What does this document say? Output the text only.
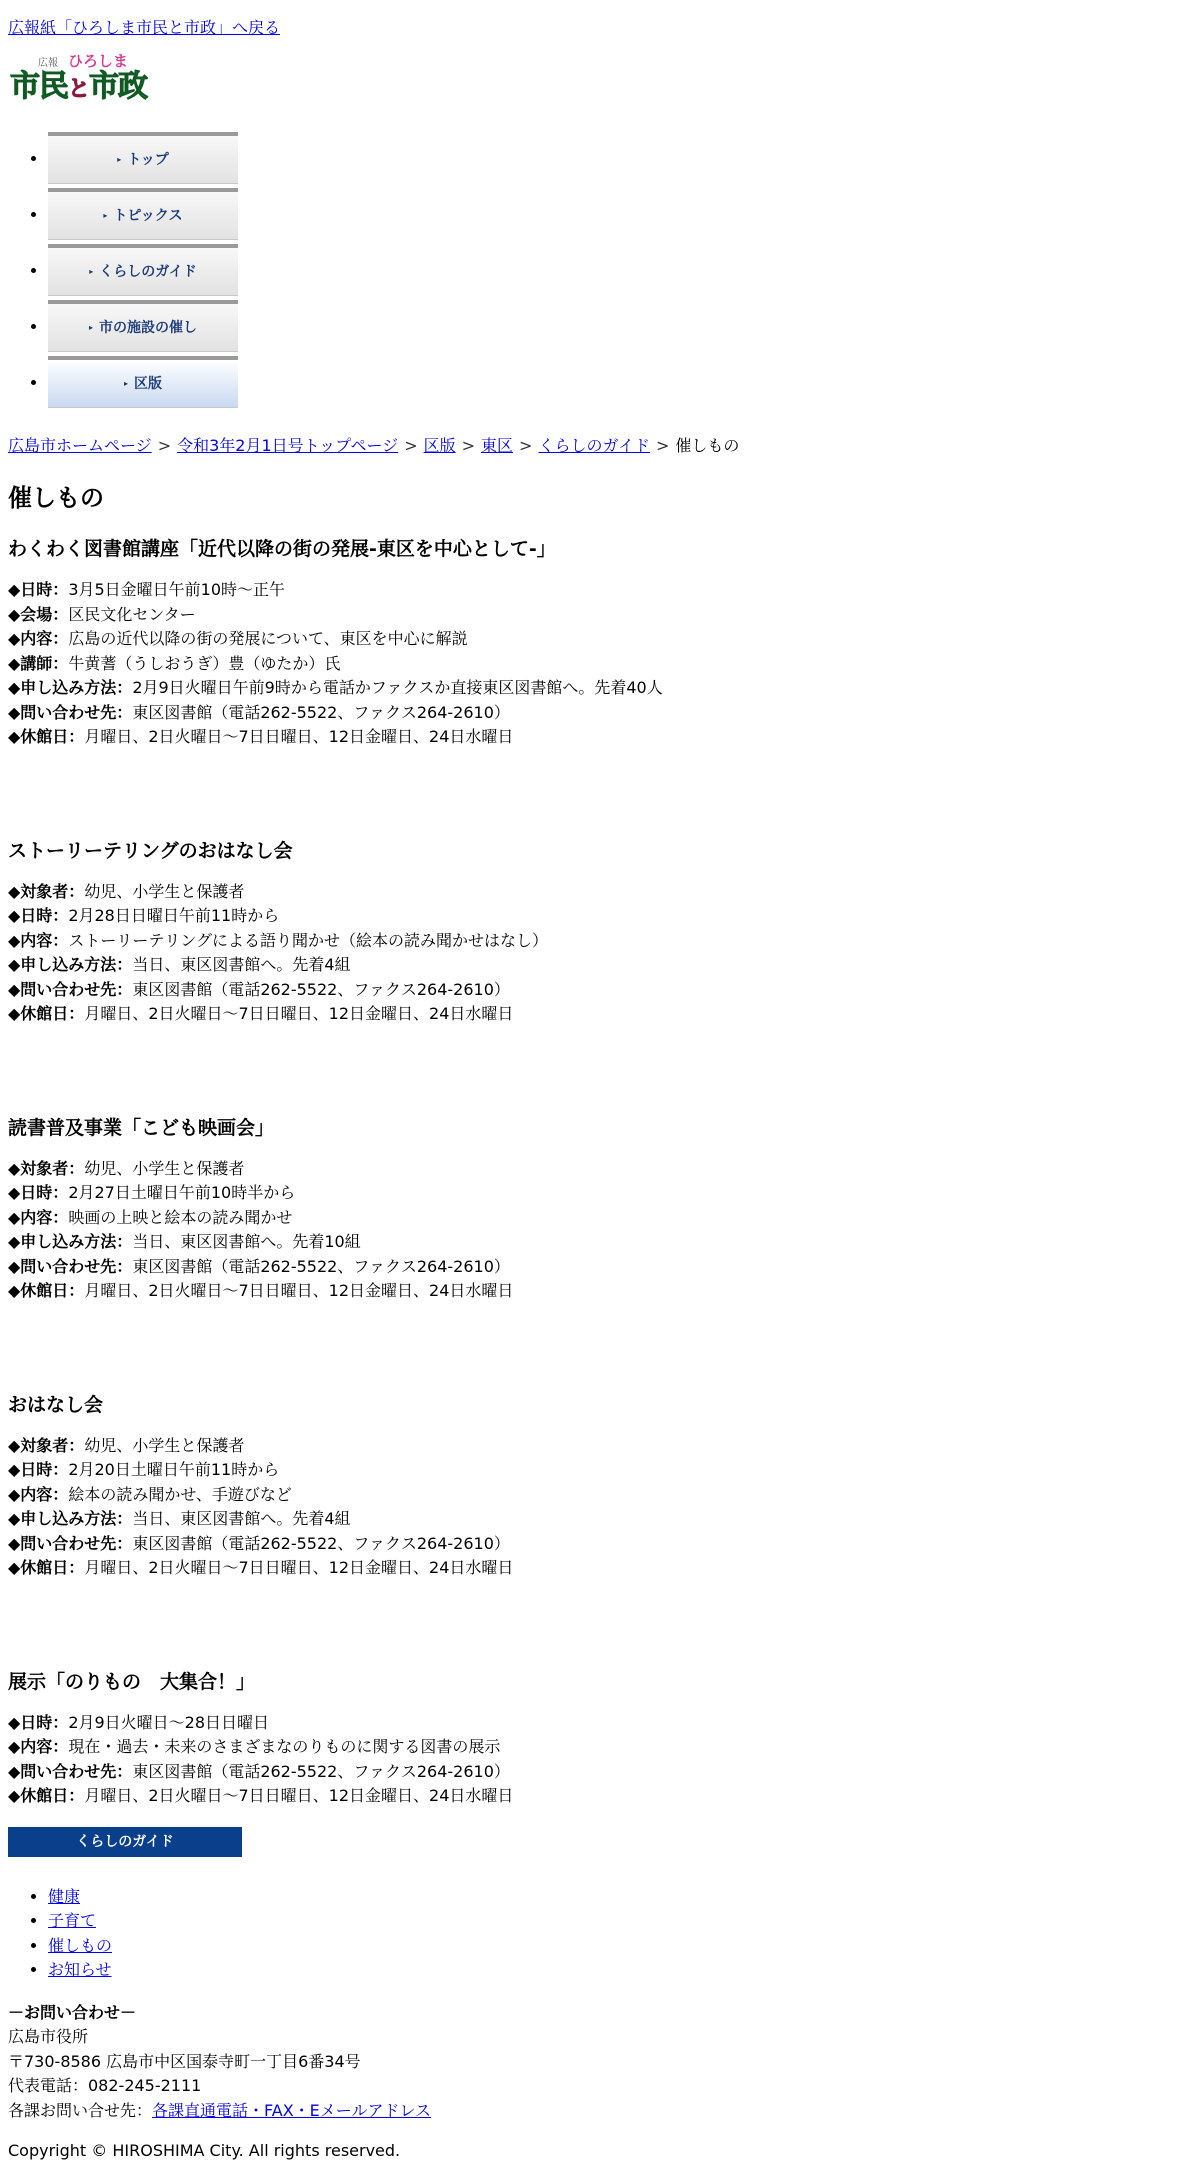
広報紙「ひろしま市民と市政」へ戻る
広報 ひろしま
市民と市政
• ▸ トップ
• ▸ トピックス
• ▸ くらしのガイド
• ▸ 市の施設の催し
• ▸ 区版
広島市ホームページ > 令和3年2月1日号トップページ > 区版 > 東区 > くらしのガイド > 催しもの
催しもの
わくわく図書館講座「近代以降の街の発展-東区を中心として-」
◆日時：3月5日金曜日午前10時～正午
◆会場：区民文化センター
◆内容：広島の近代以降の街の発展について、東区を中心に解説
◆講師：牛黄蓍（うしおうぎ）豊（ゆたか）氏
◆申し込み方法：2月9日火曜日午前9時から電話かファクスか直接東区図書館へ。先着40人
◆問い合わせ先：東区図書館（電話262-5522、ファクス264-2610）
◆休館日：月曜日、2日火曜日～7日日曜日、12日金曜日、24日水曜日
ストーリーテリングのおはなし会
◆対象者：幼児、小学生と保護者
◆日時：2月28日日曜日午前11時から
◆内容：ストーリーテリングによる語り聞かせ（絵本の読み聞かせはなし）
◆申し込み方法：当日、東区図書館へ。先着4組
◆問い合わせ先：東区図書館（電話262-5522、ファクス264-2610）
◆休館日：月曜日、2日火曜日～7日日曜日、12日金曜日、24日水曜日
読書普及事業「こども映画会」
◆対象者：幼児、小学生と保護者
◆日時：2月27日土曜日午前10時半から
◆内容：映画の上映と絵本の読み聞かせ
◆申し込み方法：当日、東区図書館へ。先着10組
◆問い合わせ先：東区図書館（電話262-5522、ファクス264-2610）
◆休館日：月曜日、2日火曜日～7日日曜日、12日金曜日、24日水曜日
おはなし会
◆対象者：幼児、小学生と保護者
◆日時：2月20日土曜日午前11時から
◆内容：絵本の読み聞かせ、手遊びなど
◆申し込み方法：当日、東区図書館へ。先着4組
◆問い合わせ先：東区図書館（電話262-5522、ファクス264-2610）
◆休館日：月曜日、2日火曜日～7日日曜日、12日金曜日、24日水曜日
展示「のりもの　大集合！」
◆日時：2月9日火曜日～28日日曜日
◆内容：現在・過去・未来のさまざまなのりものに関する図書の展示
◆問い合わせ先：東区図書館（電話262-5522、ファクス264-2610）
◆休館日：月曜日、2日火曜日～7日日曜日、12日金曜日、24日水曜日
くらしのガイド
• 健康
• 子育て
• 催しもの
• お知らせ
－お問い合わせ－
広島市役所
〒730-8586 広島市中区国泰寺町一丁目6番34号
代表電話：082-245-2111
各課お問い合せ先：各課直通電話・FAX・Eメールアドレス
Copyright © HIROSHIMA City. All rights reserved.
